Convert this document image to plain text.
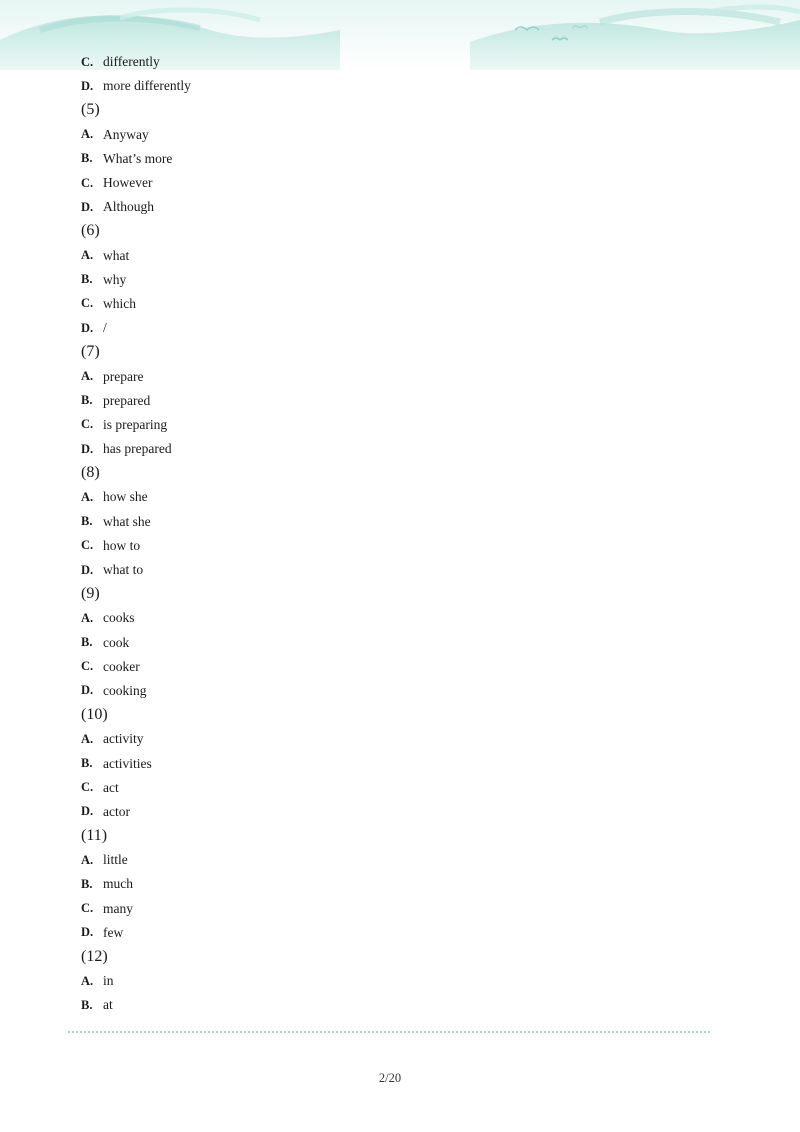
C. differently
D. more differently
(5)
A. Anyway
B. What’s more
C. However
D. Although
(6)
A. what
B. why
C. which
D. /
(7)
A. prepare
B. prepared
C. is preparing
D. has prepared
(8)
A. how she
B. what she
C. how to
D. what to
(9)
A. cooks
B. cook
C. cooker
D. cooking
(10)
A. activity
B. activities
C. act
D. actor
(11)
A. little
B. much
C. many
D. few
(12)
A. in
B. at
2/20
